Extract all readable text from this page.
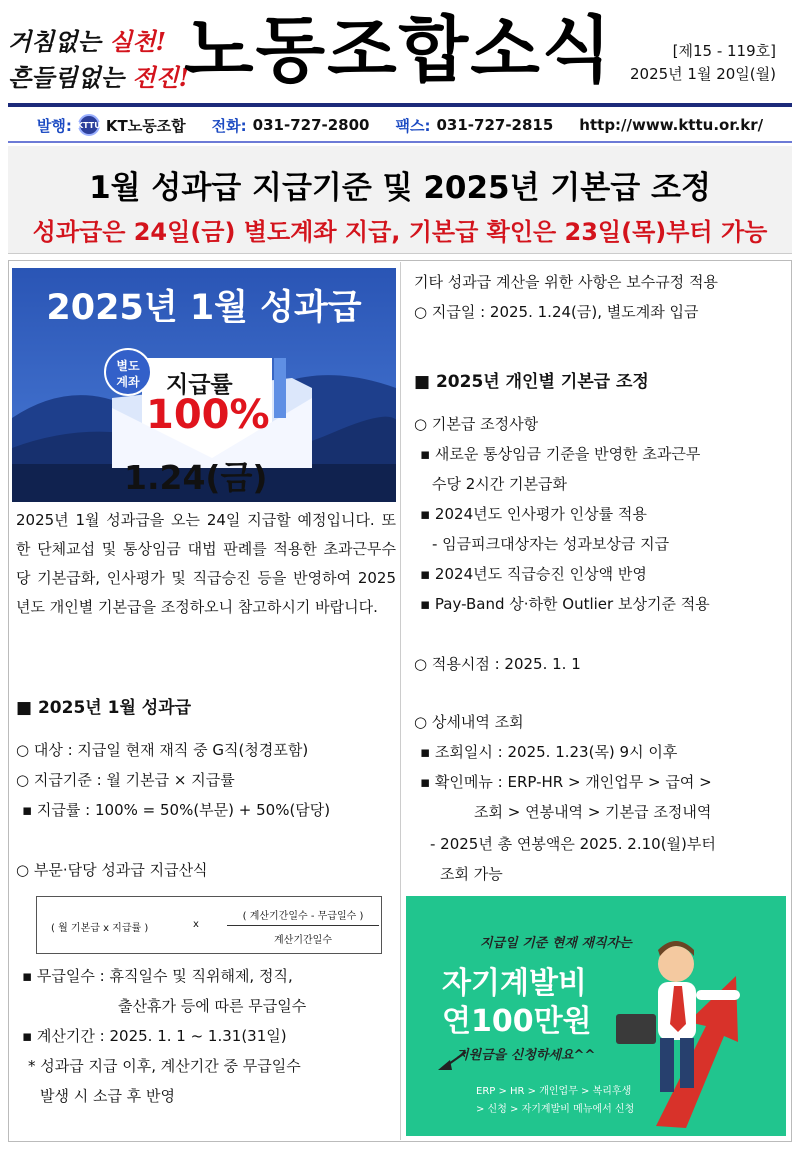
거침없는 실천!
흔들림없는 전진!
노동조합소식	[제15 - 119호]
2025년 1월 20일(월)
발행: KTTU KT노동조합 전화: 031-727-2800 팩스: 031-727-2815 http://www.kttu.or.kr/
1월 성과급 지급기준 및 2025년 기본급 조정
성과급은 24일(금) 별도계좌 지급, 기본급 확인은 23일(목)부터 가능
2025년 1월 성과급
별도
계좌	지급률
100%
1.24(금)
2025년 1월 성과급을 오는 24일 지급할 예정입니다. 또한 단체교섭 및 통상임금 대법 판례를 적용한 초과근무수당 기본급화, 인사평가 및 직급승진 등을 반영하여 2025년도 개인별 기본급을 조정하오니 참고하시기 바랍니다.
■ 2025년 1월 성과급
○ 대상 : 지급일 현재 재직 중 G직(청경포함)
○ 지급기준 : 월 기본급 × 지급률
▪ 지급률 : 100% = 50%(부문) + 50%(담당)
○ 부문·담당 성과급 지급산식
( 월 기본급 x 지급률 )	x
( 계산기간일수 - 무급일수 )
계산기간일수
▪ 무급일수 : 휴직일수 및 직위해제, 정직,
출산휴가 등에 따른 무급일수
▪ 계산기간 : 2025. 1. 1 ~ 1.31(31일)
* 성과급 지급 이후, 계산기간 중 무급일수
발생 시 소급 후 반영
기타 성과급 계산을 위한 사항은 보수규정 적용
○ 지급일 : 2025. 1.24(금), 별도계좌 입금
■ 2025년 개인별 기본급 조정
○ 기본급 조정사항
▪ 새로운 통상임금 기준을 반영한 초과근무
수당 2시간 기본급화
▪ 2024년도 인사평가 인상률 적용
- 임금피크대상자는 성과보상금 지급
▪ 2024년도 직급승진 인상액 반영
▪ Pay-Band 상·하한 Outlier 보상기준 적용
○ 적용시점 : 2025. 1. 1
○ 상세내역 조회
▪ 조회일시 : 2025. 1.23(목) 9시 이후
▪ 확인메뉴 : ERP-HR > 개인업무 > 급여 >
조회 > 연봉내역 > 기본급 조정내역
- 2025년 총 연봉액은 2025. 2.10(월)부터
조회 가능
지급일 기준 현재 재직자는
자기계발비
연100만원
지원금을 신청하세요^^
ERP > HR > 개인업무 > 복리후생
> 신청 > 자기계발비 메뉴에서 신청
